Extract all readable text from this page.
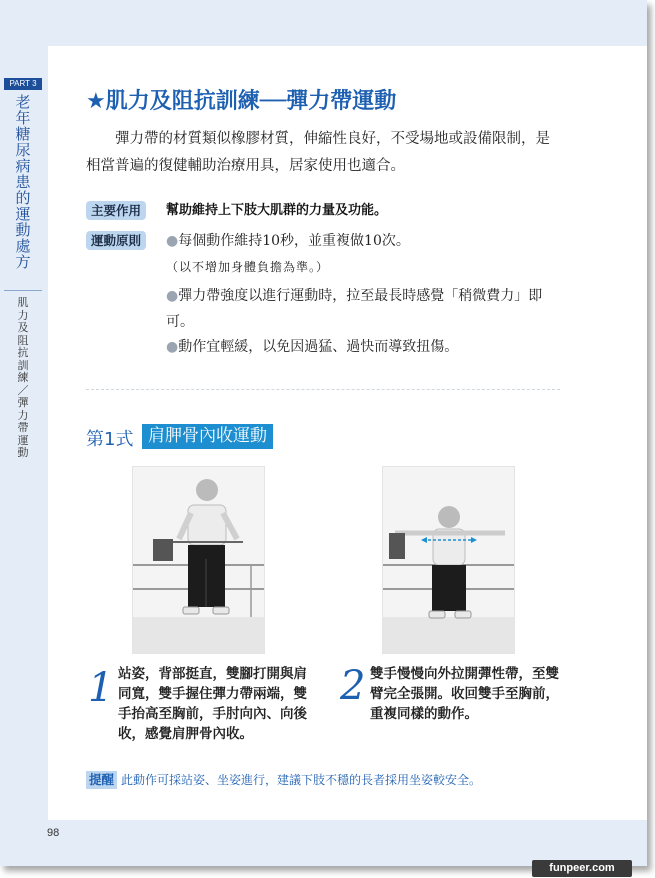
PART 3
老年糖尿病患的運動處方
肌力及阻抗訓練／彈力帶運動
★肌力及阻抗訓練──彈力帶運動
彈力帶的材質類似橡膠材質，伸縮性良好，不受場地或設備限制，是相當普遍的復健輔助治療用具，居家使用也適合。
主要作用	幫助維持上下肢大肌群的力量及功能。
運動原則	●每個動作維持10秒，並重複做10次。（以不增加身體負擔為準。）
●彈力帶強度以進行運動時，拉至最長時感覺「稍微費力」即可。
●動作宜輕緩，以免因過猛、過快而導致扭傷。
第1式 肩胛骨內收運動
1 站姿，背部挺直，雙腳打開與肩同寬，雙手握住彈力帶兩端，雙手抬高至胸前，手肘向內、向後收，感覺肩胛骨內收。
2 雙手慢慢向外拉開彈性帶，至雙臂完全張開。收回雙手至胸前，重複同樣的動作。
提醒 此動作可採站姿、坐姿進行，建議下肢不穩的長者採用坐姿較安全。
98
funpeer.com
